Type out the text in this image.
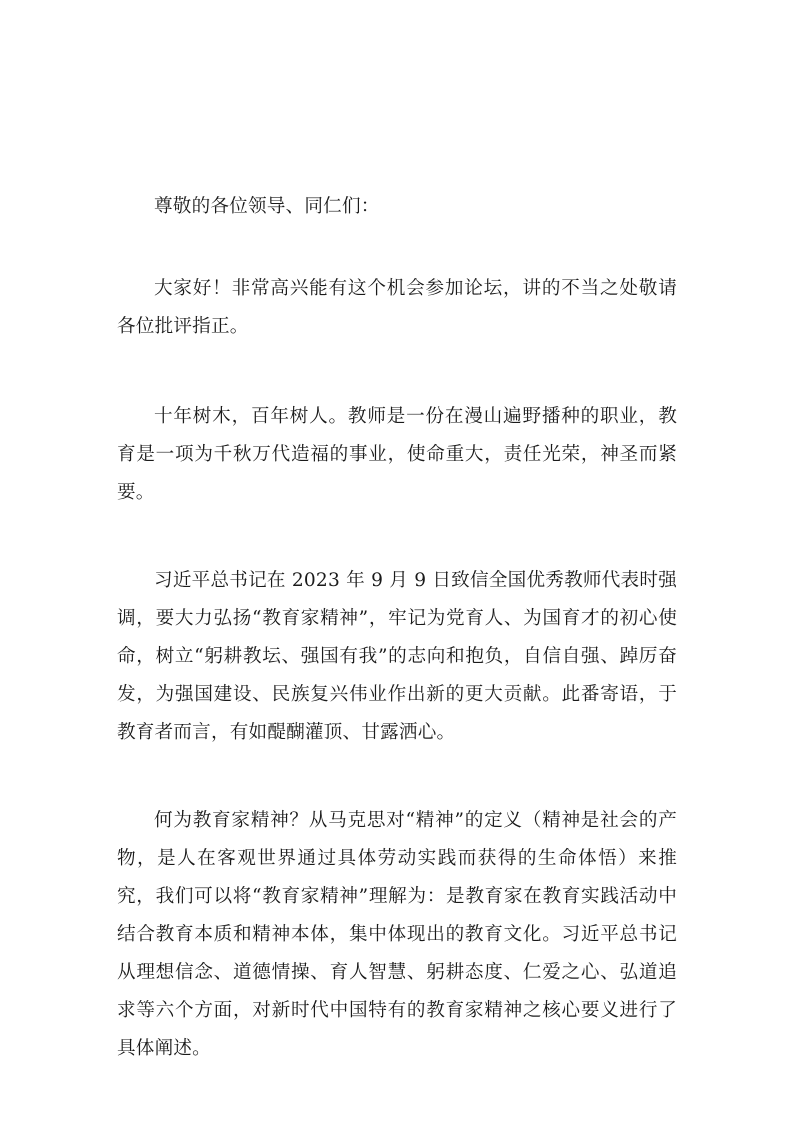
尊敬的各位领导、同仁们：

大家好！非常高兴能有这个机会参加论坛，讲的不当之处敬请各位批评指正。

十年树木，百年树人。教师是一份在漫山遍野播种的职业，教育是一项为千秋万代造福的事业，使命重大，责任光荣，神圣而紧要。

习近平总书记在 2023 年 9 月 9 日致信全国优秀教师代表时强调，要大力弘扬“教育家精神”，牢记为党育人、为国育才的初心使命，树立“躬耕教坛、强国有我”的志向和抱负，自信自强、踔厉奋发，为强国建设、民族复兴伟业作出新的更大贡献。此番寄语，于教育者而言，有如醍醐灌顶、甘露洒心。

何为教育家精神？从马克思对“精神”的定义（精神是社会的产物，是人在客观世界通过具体劳动实践而获得的生命体悟）来推究，我们可以将“教育家精神”理解为：是教育家在教育实践活动中结合教育本质和精神本体，集中体现出的教育文化。习近平总书记从理想信念、道德情操、育人智慧、躬耕态度、仁爱之心、弘道追求等六个方面，对新时代中国特有的教育家精神之核心要义进行了具体阐述。
